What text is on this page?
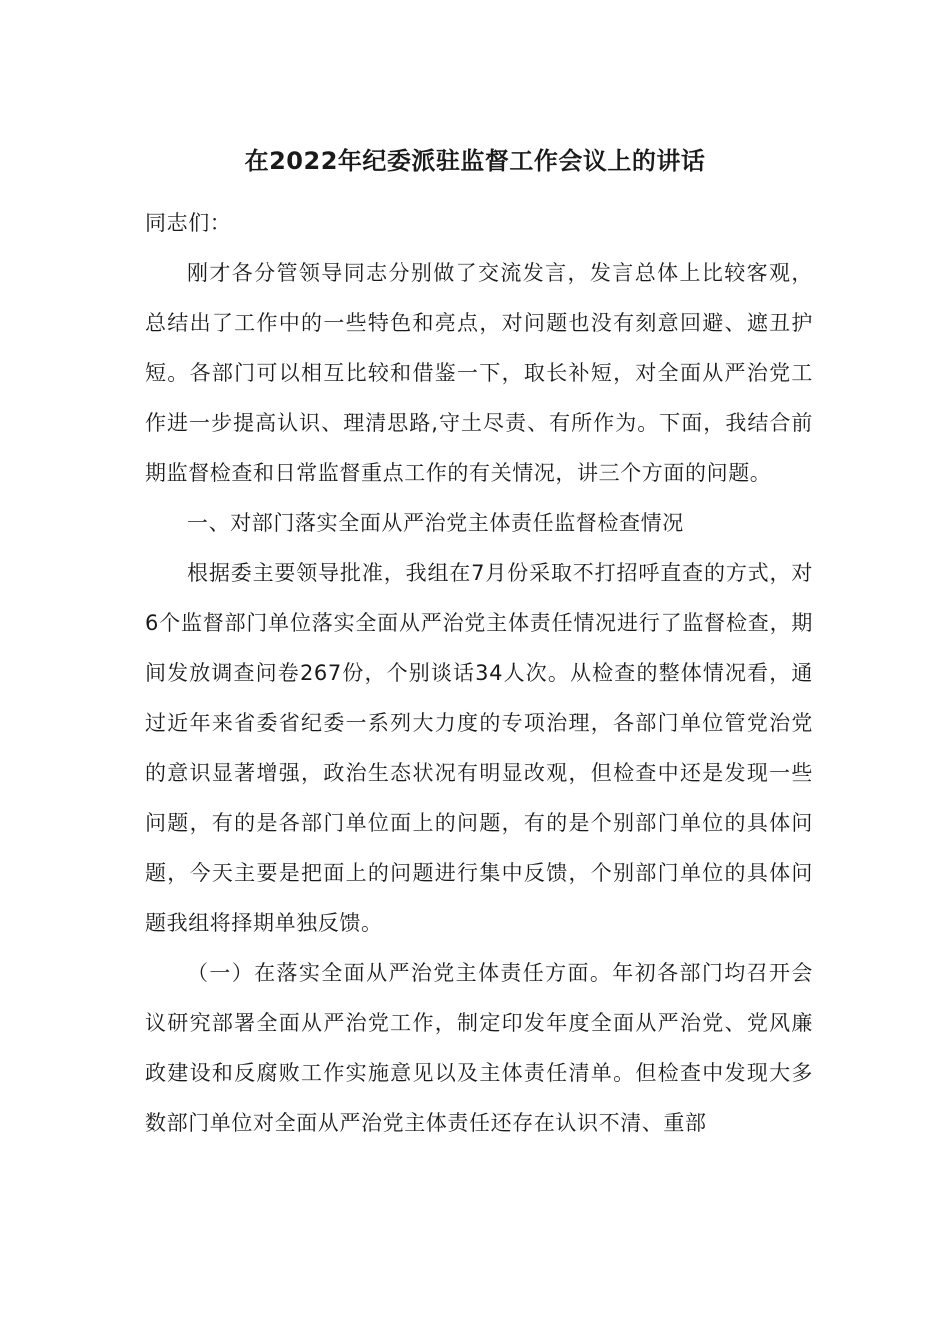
在2022年纪委派驻监督工作会议上的讲话

同志们：

刚才各分管领导同志分别做了交流发言，发言总体上比较客观，总结出了工作中的一些特色和亮点，对问题也没有刻意回避、遮丑护短。各部门可以相互比较和借鉴一下，取长补短，对全面从严治党工作进一步提高认识、理清思路,守土尽责、有所作为。下面，我结合前期监督检查和日常监督重点工作的有关情况，讲三个方面的问题。

一、对部门落实全面从严治党主体责任监督检查情况

根据委主要领导批准，我组在7月份采取不打招呼直查的方式，对6个监督部门单位落实全面从严治党主体责任情况进行了监督检查，期间发放调查问卷267份，个别谈话34人次。从检查的整体情况看，通过近年来省委省纪委一系列大力度的专项治理，各部门单位管党治党的意识显著增强，政治生态状况有明显改观，但检查中还是发现一些问题，有的是各部门单位面上的问题，有的是个别部门单位的具体问题，今天主要是把面上的问题进行集中反馈，个别部门单位的具体问题我组将择期单独反馈。

（一）在落实全面从严治党主体责任方面。年初各部门均召开会议研究部署全面从严治党工作，制定印发年度全面从严治党、党风廉政建设和反腐败工作实施意见以及主体责任清单。但检查中发现大多数部门单位对全面从严治党主体责任还存在认识不清、重部
